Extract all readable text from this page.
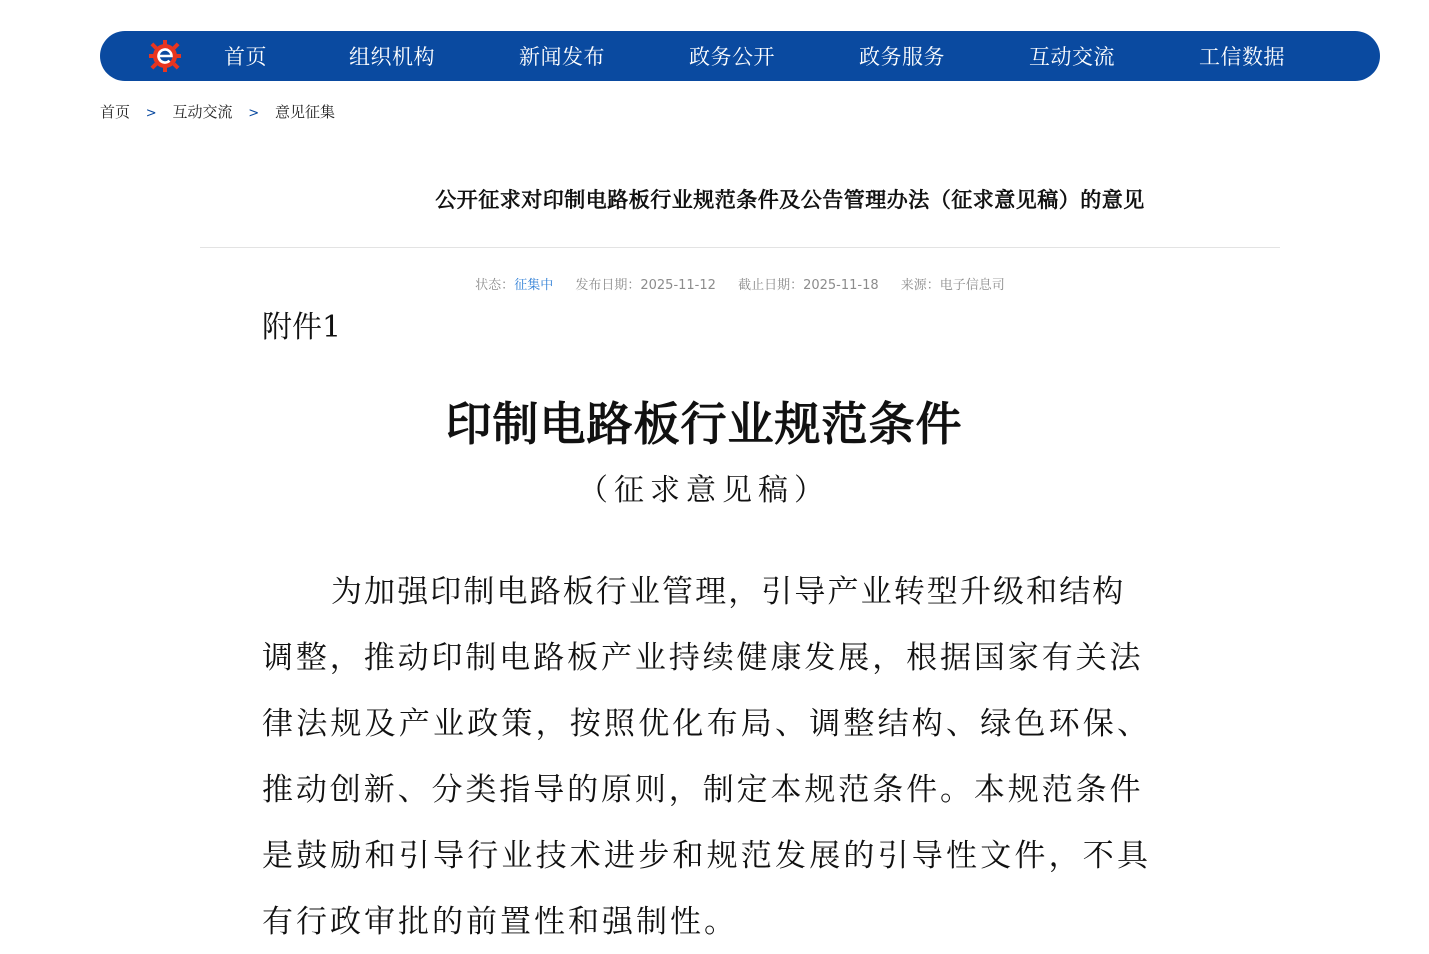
首页	组织机构	新闻发布	政务公开	政务服务	互动交流	工信数据
首页 > 互动交流 > 意见征集
公开征求对印制电路板行业规范条件及公告管理办法（征求意见稿）的意见
状态：征集中 发布日期：2025-11-12 截止日期：2025-11-18 来源：电子信息司
附件1
印制电路板行业规范条件
（征求意见稿）
为加强印制电路板行业管理，引导产业转型升级和结构
调整，推动印制电路板产业持续健康发展，根据国家有关法
律法规及产业政策，按照优化布局、调整结构、绿色环保、
推动创新、分类指导的原则，制定本规范条件。本规范条件
是鼓励和引导行业技术进步和规范发展的引导性文件，不具
有行政审批的前置性和强制性。
